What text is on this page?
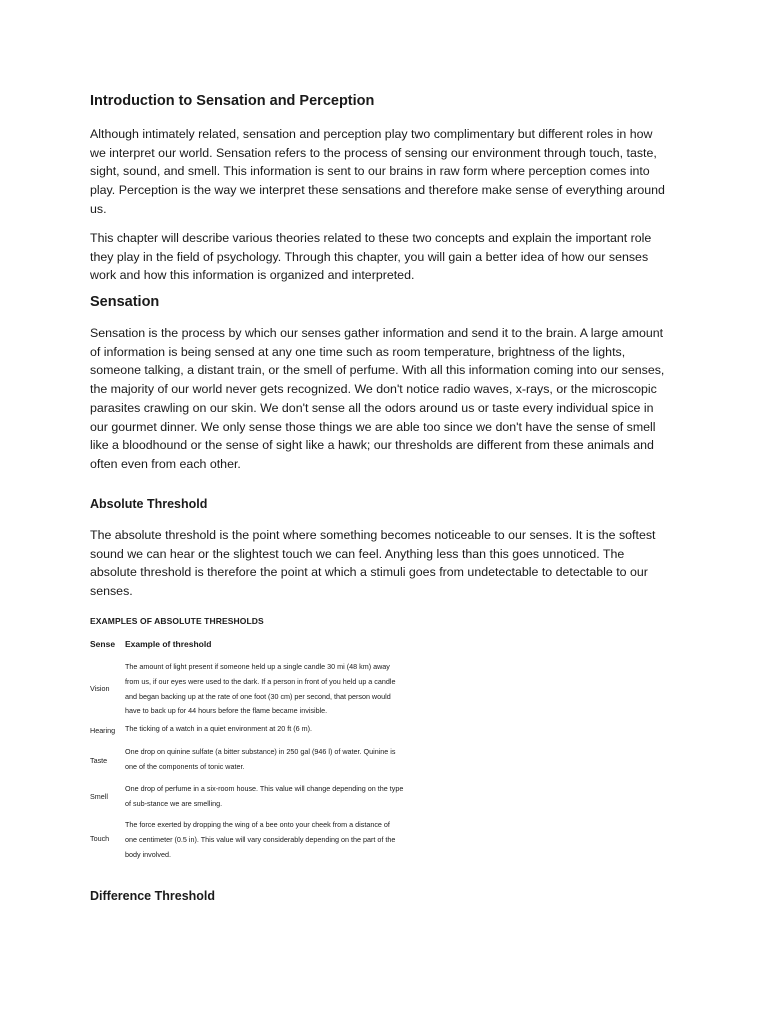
Introduction to Sensation and Perception

Although intimately related, sensation and perception play two complimentary but different roles in how
we interpret our world. Sensation refers to the process of sensing our environment through touch, taste,
sight, sound, and smell. This information is sent to our brains in raw form where perception comes into
play. Perception is the way we interpret these sensations and therefore make sense of everything around
us.

This chapter will describe various theories related to these two concepts and explain the important role
they play in the field of psychology. Through this chapter, you will gain a better idea of how our senses
work and how this information is organized and interpreted.

Sensation

Sensation is the process by which our senses gather information and send it to the brain. A large amount
of information is being sensed at any one time such as room temperature, brightness of the lights,
someone talking, a distant train, or the smell of perfume. With all this information coming into our senses,
the majority of our world never gets recognized. We don't notice radio waves, x-rays, or the microscopic
parasites crawling on our skin. We don't sense all the odors around us or taste every individual spice in
our gourmet dinner. We only sense those things we are able too since we don't have the sense of smell
like a bloodhound or the sense of sight like a hawk; our thresholds are different from these animals and
often even from each other.

Absolute Threshold

The absolute threshold is the point where something becomes noticeable to our senses. It is the softest
sound we can hear or the slightest touch we can feel. Anything less than this goes unnoticed. The
absolute threshold is therefore the point at which a stimuli goes from undetectable to detectable to our
senses.

EXAMPLES OF ABSOLUTE THRESHOLDS
Sense Example of threshold
Vision
The amount of light present if someone held up a single candle 30 mi (48 km) away
from us, if our eyes were used to the dark. If a person in front of you held up a candle
and began backing up at the rate of one foot (30 cm) per second, that person would
have to back up for 44 hours before the flame became invisible.
Hearing The ticking of a watch in a quiet environment at 20 ft (6 m).
Taste
One drop on quinine sulfate (a bitter substance) in 250 gal (946 l) of water. Quinine is
one of the components of tonic water.
Smell
One drop of perfume in a six-room house. This value will change depending on the type
of sub-stance we are smelling.
Touch
The force exerted by dropping the wing of a bee onto your cheek from a distance of
one centimeter (0.5 in). This value will vary considerably depending on the part of the
body involved.
Difference Threshold
